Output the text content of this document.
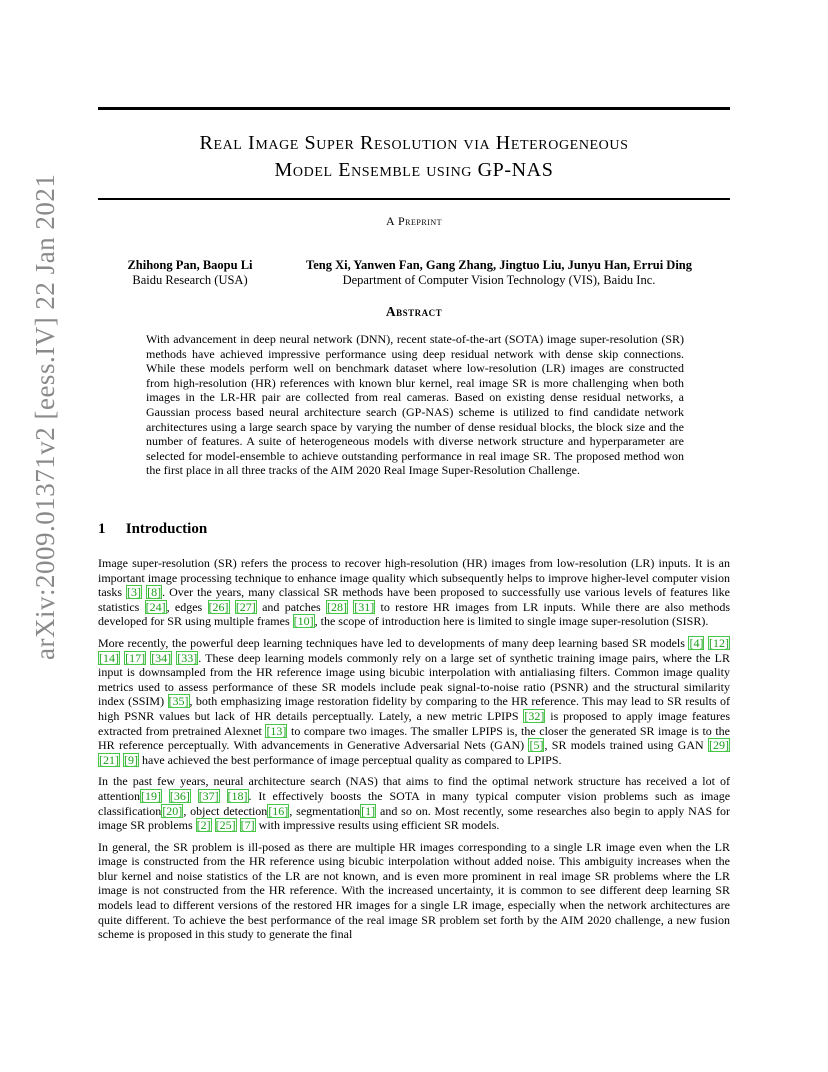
arXiv:2009.01371v2 [eess.IV] 22 Jan 2021
Real Image Super Resolution via Heterogeneous
Model Ensemble using GP-NAS
A Preprint
Zhihong Pan, Baopu Li
Baidu Research (USA)
Teng Xi, Yanwen Fan, Gang Zhang, Jingtuo Liu, Junyu Han, Errui Ding
Department of Computer Vision Technology (VIS), Baidu Inc.
Abstract
With advancement in deep neural network (DNN), recent state-of-the-art (SOTA) image super-resolution (SR) methods have achieved impressive performance using deep residual network with dense skip connections. While these models perform well on benchmark dataset where low-resolution (LR) images are constructed from high-resolution (HR) references with known blur kernel, real image SR is more challenging when both images in the LR-HR pair are collected from real cameras. Based on existing dense residual networks, a Gaussian process based neural architecture search (GP-NAS) scheme is utilized to find candidate network architectures using a large search space by varying the number of dense residual blocks, the block size and the number of features. A suite of heterogeneous models with diverse network structure and hyperparameter are selected for model-ensemble to achieve outstanding performance in real image SR. The proposed method won the first place in all three tracks of the AIM 2020 Real Image Super-Resolution Challenge.
1 Introduction

Image super-resolution (SR) refers the process to recover high-resolution (HR) images from low-resolution (LR) inputs. It is an important image processing technique to enhance image quality which subsequently helps to improve higher-level computer vision tasks [3] [8]. Over the years, many classical SR methods have been proposed to successfully use various levels of features like statistics [24], edges [26] [27] and patches [28] [31] to restore HR images from LR inputs. While there are also methods developed for SR using multiple frames [10], the scope of introduction here is limited to single image super-resolution (SISR).

More recently, the powerful deep learning techniques have led to developments of many deep learning based SR models [4] [12] [14] [17] [34] [33]. These deep learning models commonly rely on a large set of synthetic training image pairs, where the LR input is downsampled from the HR reference image using bicubic interpolation with antialiasing filters. Common image quality metrics used to assess performance of these SR models include peak signal-to-noise ratio (PSNR) and the structural similarity index (SSIM) [35], both emphasizing image restoration fidelity by comparing to the HR reference. This may lead to SR results of high PSNR values but lack of HR details perceptually. Lately, a new metric LPIPS [32] is proposed to apply image features extracted from pretrained Alexnet [13] to compare two images. The smaller LPIPS is, the closer the generated SR image is to the HR reference perceptually. With advancements in Generative Adversarial Nets (GAN) [5], SR models trained using GAN [29] [21] [9] have achieved the best performance of image perceptual quality as compared to LPIPS.

In the past few years, neural architecture search (NAS) that aims to find the optimal network structure has received a lot of attention[19] [36] [37] [18]. It effectively boosts the SOTA in many typical computer vision problems such as image classification[20], object detection[16], segmentation[1] and so on. Most recently, some researches also begin to apply NAS for image SR problems [2] [25] [7] with impressive results using efficient SR models.

In general, the SR problem is ill-posed as there are multiple HR images corresponding to a single LR image even when the LR image is constructed from the HR reference using bicubic interpolation without added noise. This ambiguity increases when the blur kernel and noise statistics of the LR are not known, and is even more prominent in real image SR problems where the LR image is not constructed from the HR reference. With the increased uncertainty, it is common to see different deep learning SR models lead to different versions of the restored HR images for a single LR image, especially when the network architectures are quite different. To achieve the best performance of the real image SR problem set forth by the AIM 2020 challenge, a new fusion scheme is proposed in this study to generate the final
